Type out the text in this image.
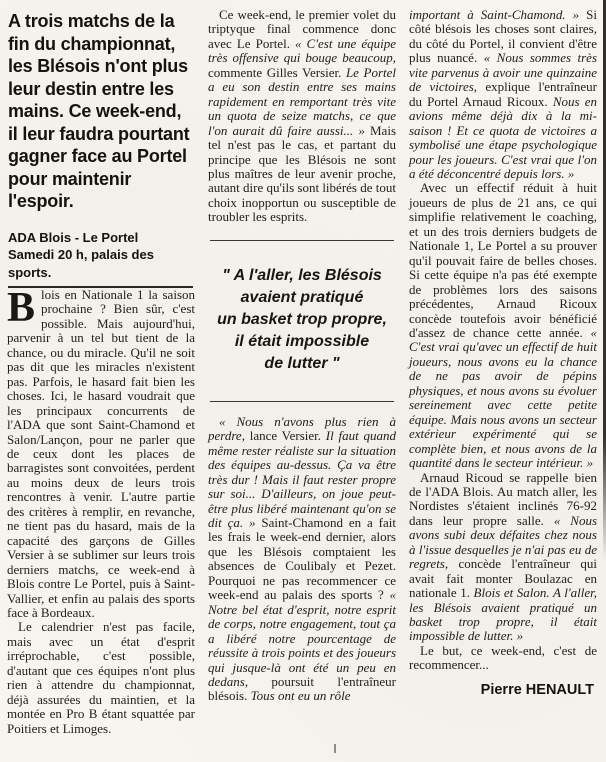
A trois matchs de la fin du championnat, les Blésois n'ont plus leur destin entre les mains. Ce week-end, il leur faudra pourtant gagner face au Portel pour maintenir l'espoir.
ADA Blois - Le Portel
Samedi 20 h, palais des sports.

Blois en Nationale 1 la saison prochaine ? Bien sûr, c'est possible. Mais aujourd'hui, parvenir à un tel but tient de la chance, ou du miracle. Qu'il ne soit pas dit que les miracles n'existent pas. Parfois, le hasard fait bien les choses. Ici, le hasard voudrait que les principaux concurrents de l'ADA que sont Saint-Chamond et Salon/Lançon, pour ne parler que de ceux dont les places de barragistes sont convoitées, perdent au moins deux de leurs trois rencontres à venir. L'autre partie des critères à remplir, en revanche, ne tient pas du hasard, mais de la capacité des garçons de Gilles Versier à se sublimer sur leurs trois derniers matchs, ce week-end à Blois contre Le Portel, puis à Saint-Vallier, et enfin au palais des sports face à Bordeaux.

Le calendrier n'est pas facile, mais avec un état d'esprit irréprochable, c'est possible, d'autant que ces équipes n'ont plus rien à attendre du championnat, déjà assurées du maintien, et la montée en Pro B étant squattée par Poitiers et Limoges.

Ce week-end, le premier volet du triptyque final commence donc avec Le Portel. « C'est une équipe très offensive qui bouge beaucoup, commente Gilles Versier. Le Portel a eu son destin entre ses mains rapidement en remportant très vite un quota de seize matchs, ce que l'on aurait dû faire aussi... » Mais tel n'est pas le cas, et partant du principe que les Blésois ne sont plus maîtres de leur avenir proche, autant dire qu'ils sont libérés de tout choix inopportun ou susceptible de troubler les esprits.

" A l'aller, les Blésois
avaient pratiqué
un basket trop propre,
il était impossible
de lutter "

« Nous n'avons plus rien à perdre, lance Versier. Il faut quand même rester réaliste sur la situation des équipes au-dessus. Ça va être très dur ! Mais il faut rester propre sur soi... D'ailleurs, on joue peut-être plus libéré maintenant qu'on se dit ça. » Saint-Chamond en a fait les frais le week-end dernier, alors que les Blésois comptaient les absences de Coulibaly et Pezet. Pourquoi ne pas recommencer ce week-end au palais des sports ? « Notre bel état d'esprit, notre esprit de corps, notre engagement, tout ça a libéré notre pourcentage de réussite à trois points et des joueurs qui jusque-là ont été un peu en dedans, poursuit l'entraîneur blésois. Tous ont eu un rôle

important à Saint-Chamond. » Si côté blésois les choses sont claires, du côté du Portel, il convient d'être plus nuancé. « Nous sommes très vite parvenus à avoir une quinzaine de victoires, explique l'entraîneur du Portel Arnaud Ricoux. Nous en avions même déjà dix à la mi-saison ! Et ce quota de victoires a symbolisé une étape psychologique pour les joueurs. C'est vrai que l'on a été déconcentré depuis lors. »

Avec un effectif réduit à huit joueurs de plus de 21 ans, ce qui simplifie relativement le coaching, et un des trois derniers budgets de Nationale 1, Le Portel a su prouver qu'il pouvait faire de belles choses. Si cette équipe n'a pas été exempte de problèmes lors des saisons précédentes, Arnaud Ricoux concède toutefois avoir bénéficié d'assez de chance cette année. « C'est vrai qu'avec un effectif de huit joueurs, nous avons eu la chance de ne pas avoir de pépins physiques, et nous avons su évoluer sereinement avec cette petite équipe. Mais nous avons un secteur extérieur expérimenté qui se complète bien, et nous avons de la quantité dans le secteur intérieur. »

Arnaud Ricoud se rappelle bien de l'ADA Blois. Au match aller, les Nordistes s'étaient inclinés 76-92 dans leur propre salle. « Nous avons subi deux défaites chez nous à l'issue desquelles je n'ai pas eu de regrets, concède l'entraîneur qui avait fait monter Boulazac en nationale 1. Blois et Salon. A l'aller, les Blésois avaient pratiqué un basket trop propre, il était impossible de lutter. »

Le but, ce week-end, c'est de recommencer...

Pierre HENAULT
